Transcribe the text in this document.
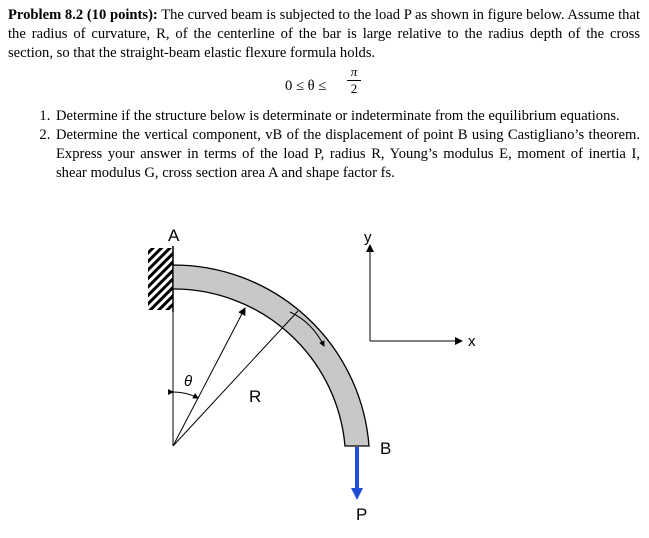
Problem 8.2 (10 points): The curved beam is subjected to the load P as shown in figure below. Assume that the radius of curvature, R, of the centerline of the bar is large relative to the radius depth of the cross section, so that the straight-beam elastic flexure formula holds.

0 ≤ θ ≤
π
2
1. Determine if the structure below is determinate or indeterminate from the equilibrium equations.
2. Determine the vertical component, vB of the displacement of point B using Castigliano’s theorem. Express your answer in terms of the load P, radius R, Young’s modulus E, moment of inertia I, shear modulus G, cross section area A and shape factor fs.
A
B
P
R
θ
y
x
